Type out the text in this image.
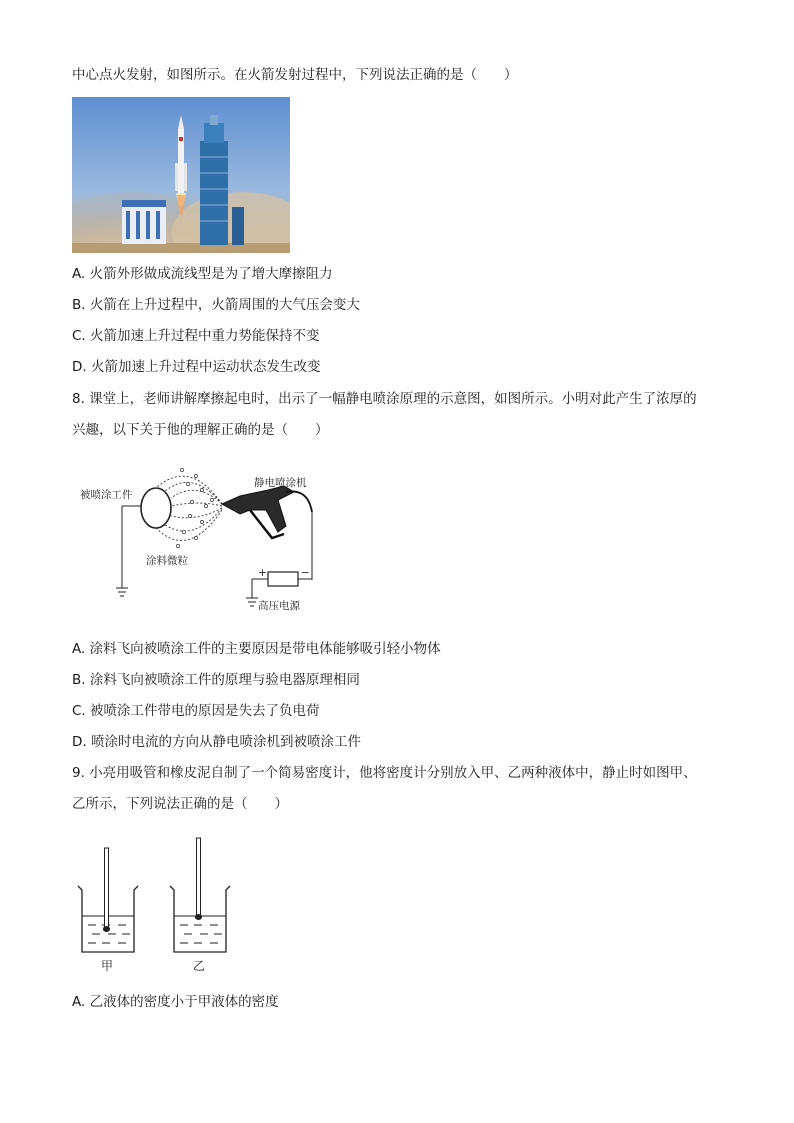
中心点火发射，如图所示。在火箭发射过程中，下列说法正确的是（　　）
A. 火箭外形做成流线型是为了增大摩擦阻力
B. 火箭在上升过程中，火箭周围的大气压会变大
C. 火箭加速上升过程中重力势能保持不变
D. 火箭加速上升过程中运动状态发生改变
8. 课堂上，老师讲解摩擦起电时，出示了一幅静电喷涂原理的示意图，如图所示。小明对此产生了浓厚的
兴趣，以下关于他的理解正确的是（　　）
被喷涂工件
静电喷涂机
涂料微粒
高压电源
+	−
A. 涂料飞向被喷涂工件的主要原因是带电体能够吸引轻小物体
B. 涂料飞向被喷涂工件的原理与验电器原理相同
C. 被喷涂工件带电的原因是失去了负电荷
D. 喷涂时电流的方向从静电喷涂机到被喷涂工件
9. 小亮用吸管和橡皮泥自制了一个简易密度计，他将密度计分别放入甲、乙两种液体中，静止时如图甲、
乙所示，下列说法正确的是（　　）
甲	乙
A. 乙液体的密度小于甲液体的密度
